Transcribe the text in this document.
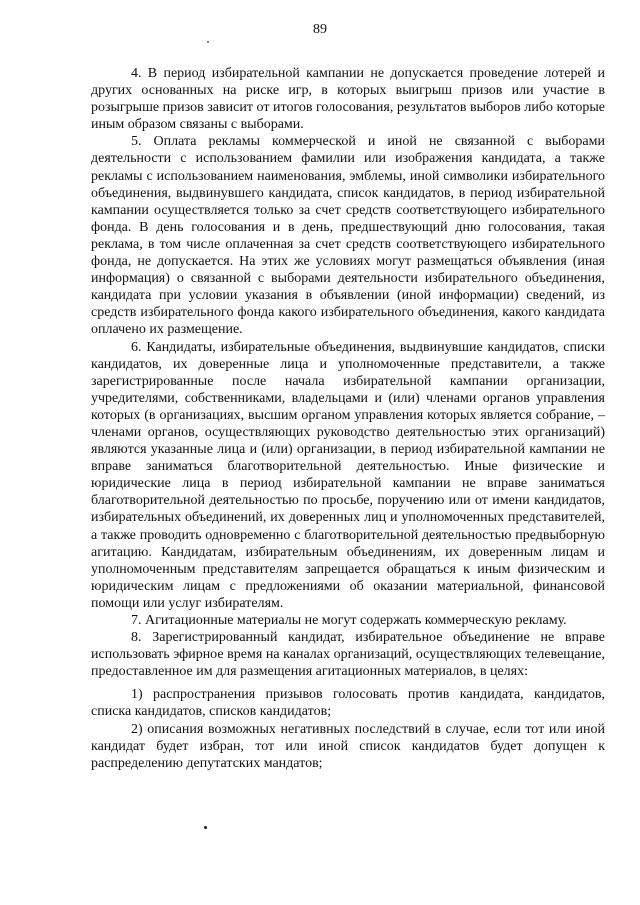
89

4. В период избирательной кампании не допускается проведение лотерей и других основанных на риске игр, в которых выигрыш призов или участие в розыгрыше призов зависит от итогов голосования, результатов выборов либо которые иным образом связаны с выборами.

5. Оплата рекламы коммерческой и иной не связанной с выборами деятельности с использованием фамилии или изображения кандидата, а также рекламы с использованием наименования, эмблемы, иной символики избирательного объединения, выдвинувшего кандидата, список кандидатов, в период избирательной кампании осуществляется только за счет средств соответствующего избирательного фонда. В день голосования и в день, предшествующий дню голосования, такая реклама, в том числе оплаченная за счет средств соответствующего избирательного фонда, не допускается. На этих же условиях могут размещаться объявления (иная информация) о связанной с выборами деятельности избирательного объединения, кандидата при условии указания в объявлении (иной информации) сведений, из средств избирательного фонда какого избирательного объединения, какого кандидата оплачено их размещение.

6. Кандидаты, избирательные объединения, выдвинувшие кандидатов, списки кандидатов, их доверенные лица и уполномоченные представители, а также зарегистрированные после начала избирательной кампании организации, учредителями, собственниками, владельцами и (или) членами органов управления которых (в организациях, высшим органом управления которых является собрание, – членами органов, осуществляющих руководство деятельностью этих организаций) являются указанные лица и (или) организации, в период избирательной кампании не вправе заниматься благотворительной деятельностью. Иные физические и юридические лица в период избирательной кампании не вправе заниматься благотворительной деятельностью по просьбе, поручению или от имени кандидатов, избирательных объединений, их доверенных лиц и уполномоченных представителей, а также проводить одновременно с благотворительной деятельностью предвыборную агитацию. Кандидатам, избирательным объединениям, их доверенным лицам и уполномоченным представителям запрещается обращаться к иным физическим и юридическим лицам с предложениями об оказании материальной, финансовой помощи или услуг избирателям.

7. Агитационные материалы не могут содержать коммерческую рекламу.

8. Зарегистрированный кандидат, избирательное объединение не вправе использовать эфирное время на каналах организаций, осуществляющих телевещание, предоставленное им для размещения агитационных материалов, в целях:

1) распространения призывов голосовать против кандидата, кандидатов, списка кандидатов, списков кандидатов;

2) описания возможных негативных последствий в случае, если тот или иной кандидат будет избран, тот или иной список кандидатов будет допущен к распределению депутатских мандатов;
